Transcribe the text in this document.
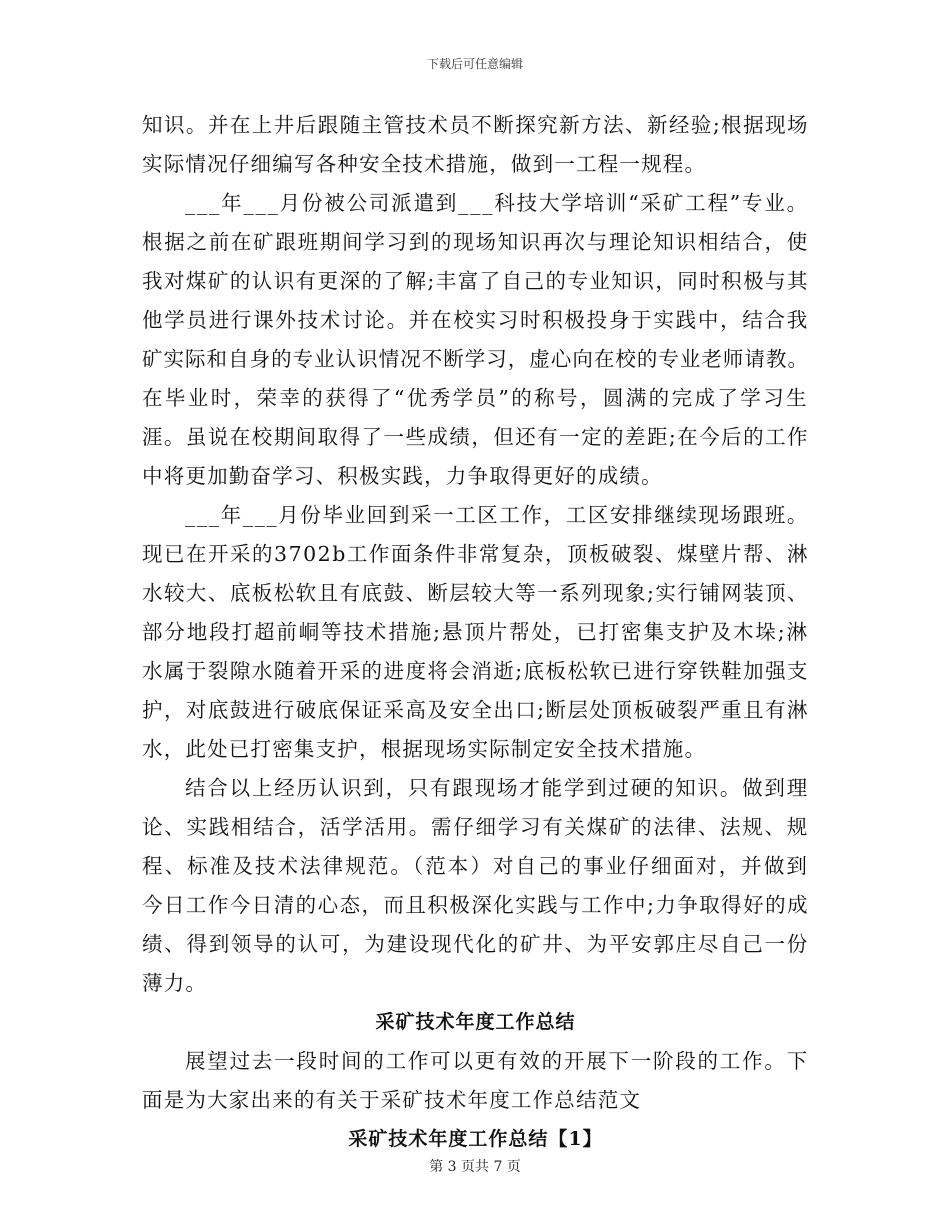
下载后可任意编辑
知识。并在上井后跟随主管技术员不断探究新方法、新经验;根据现场
实际情况仔细编写各种安全技术措施，做到一工程一规程。
___年___月份被公司派遣到___科技大学培训“采矿工程”专业。
根据之前在矿跟班期间学习到的现场知识再次与理论知识相结合，使
我对煤矿的认识有更深的了解;丰富了自己的专业知识，同时积极与其
他学员进行课外技术讨论。并在校实习时积极投身于实践中，结合我
矿实际和自身的专业认识情况不断学习，虚心向在校的专业老师请教。
在毕业时，荣幸的获得了“优秀学员”的称号，圆满的完成了学习生
涯。虽说在校期间取得了一些成绩，但还有一定的差距;在今后的工作
中将更加勤奋学习、积极实践，力争取得更好的成绩。
___年___月份毕业回到采一工区工作，工区安排继续现场跟班。
现已在开采的3702b工作面条件非常复杂，顶板破裂、煤壁片帮、淋
水较大、底板松软且有底鼓、断层较大等一系列现象;实行铺网装顶、
部分地段打超前峒等技术措施;悬顶片帮处，已打密集支护及木垛;淋
水属于裂隙水随着开采的进度将会消逝;底板松软已进行穿铁鞋加强支
护，对底鼓进行破底保证采高及安全出口;断层处顶板破裂严重且有淋
水，此处已打密集支护，根据现场实际制定安全技术措施。
结合以上经历认识到，只有跟现场才能学到过硬的知识。做到理
论、实践相结合，活学活用。需仔细学习有关煤矿的法律、法规、规
程、标准及技术法律规范。（范本）对自己的事业仔细面对，并做到
今日工作今日清的心态，而且积极深化实践与工作中;力争取得好的成
绩、得到领导的认可，为建设现代化的矿井、为平安郭庄尽自己一份
薄力。
采矿技术年度工作总结
展望过去一段时间的工作可以更有效的开展下一阶段的工作。下
面是为大家出来的有关于采矿技术年度工作总结范文
采矿技术年度工作总结【1】
第 3 页共 7 页
